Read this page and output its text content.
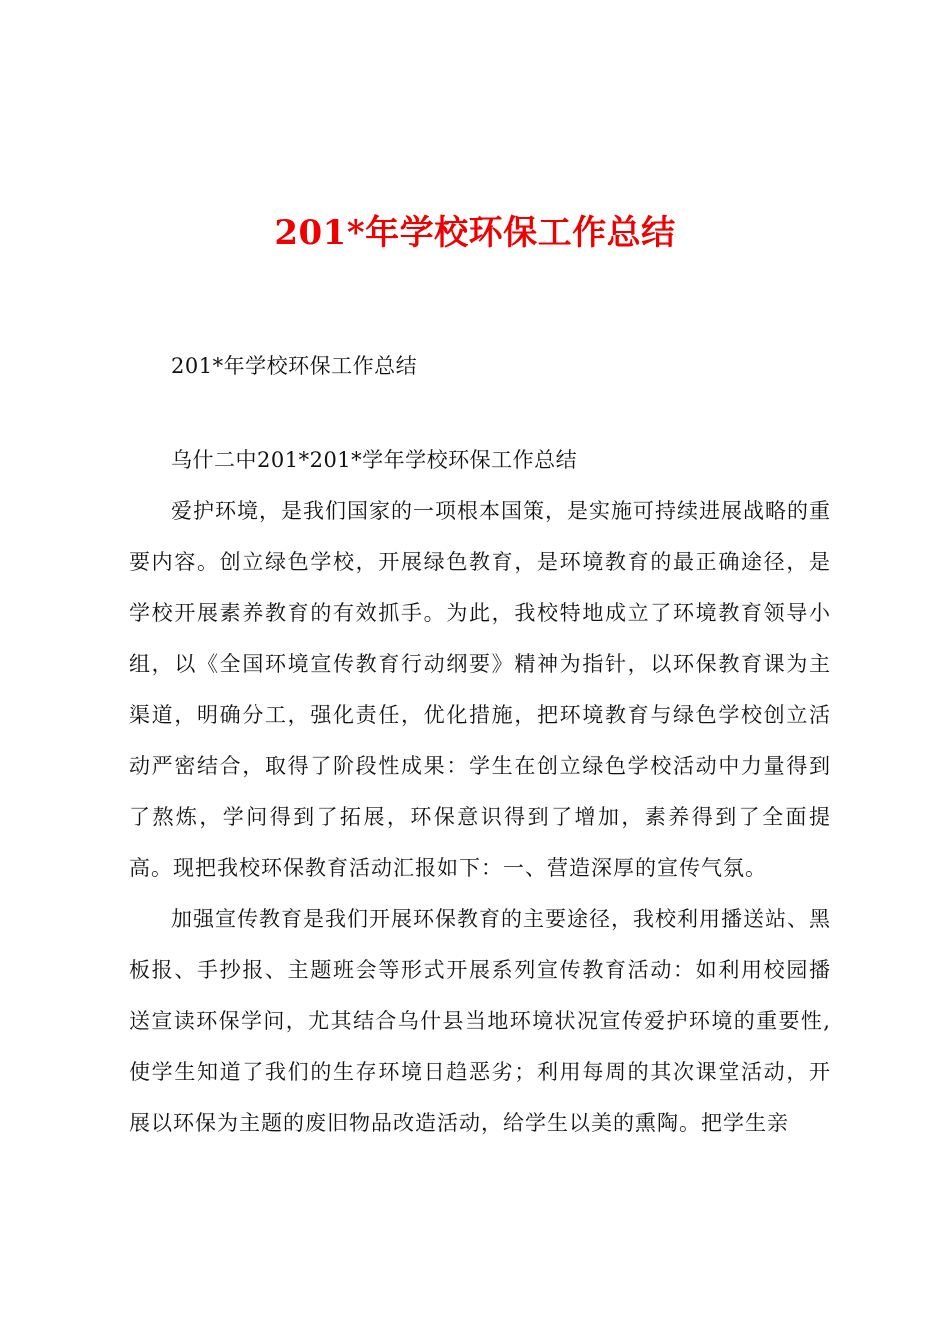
201*年学校环保工作总结
201*年学校环保工作总结
乌什二中201*201*学年学校环保工作总结

爱护环境，是我们国家的一项根本国策，是实施可持续进展战略的重要内容。创立绿色学校，开展绿色教育，是环境教育的最正确途径，是学校开展素养教育的有效抓手。为此，我校特地成立了环境教育领导小组，以《全国环境宣传教育行动纲要》精神为指针，以环保教育课为主渠道，明确分工，强化责任，优化措施，把环境教育与绿色学校创立活动严密结合，取得了阶段性成果：学生在创立绿色学校活动中力量得到了熬炼，学问得到了拓展，环保意识得到了增加，素养得到了全面提高。现把我校环保教育活动汇报如下：一、营造深厚的宣传气氛。

加强宣传教育是我们开展环保教育的主要途径，我校利用播送站、黑板报、手抄报、主题班会等形式开展系列宣传教育活动：如利用校园播送宣读环保学问，尤其结合乌什县当地环境状况宣传爱护环境的重要性,使学生知道了我们的生存环境日趋恶劣；利用每周的其次课堂活动，开展以环保为主题的废旧物品改造活动，给学生以美的熏陶。把学生亲
